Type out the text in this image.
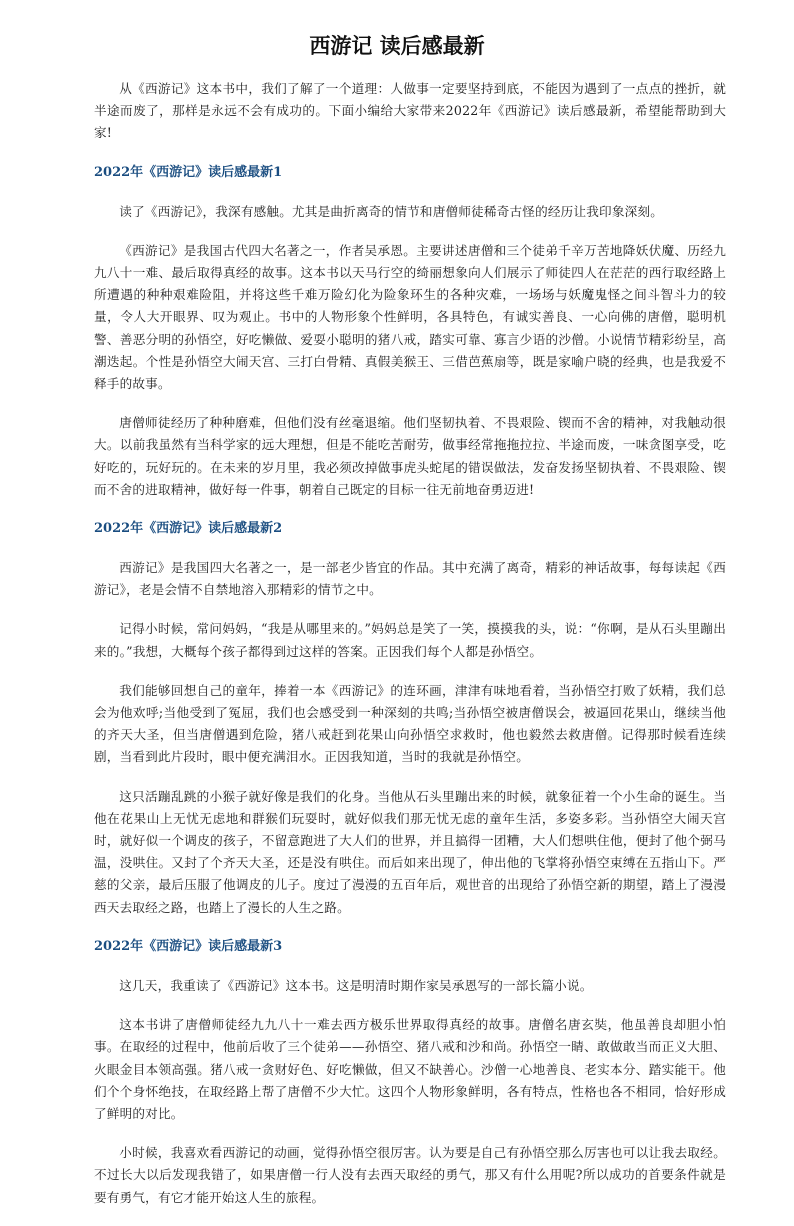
西游记 读后感最新

从《西游记》这本书中，我们了解了一个道理：人做事一定要坚持到底，不能因为遇到了一点点的挫折，就半途而废了，那样是永远不会有成功的。下面小编给大家带来2022年《西游记》读后感最新，希望能帮助到大家!

2022年《西游记》读后感最新1

读了《西游记》，我深有感触。尤其是曲折离奇的情节和唐僧师徒稀奇古怪的经历让我印象深刻。

《西游记》是我国古代四大名著之一，作者吴承恩。主要讲述唐僧和三个徒弟千辛万苦地降妖伏魔、历经九九八十一难、最后取得真经的故事。这本书以天马行空的绮丽想象向人们展示了师徒四人在茫茫的西行取经路上所遭遇的种种艰难险阻，并将这些千难万险幻化为险象环生的各种灾难，一场场与妖魔鬼怪之间斗智斗力的较量，令人大开眼界、叹为观止。书中的人物形象个性鲜明，各具特色，有诚实善良、一心向佛的唐僧，聪明机警、善恶分明的孙悟空，好吃懒做、爱耍小聪明的猪八戒，踏实可靠、寡言少语的沙僧。小说情节精彩纷呈，高潮迭起。个性是孙悟空大闹天宫、三打白骨精、真假美猴王、三借芭蕉扇等，既是家喻户晓的经典，也是我爱不释手的故事。

唐僧师徒经历了种种磨难，但他们没有丝毫退缩。他们坚韧执着、不畏艰险、锲而不舍的精神，对我触动很大。以前我虽然有当科学家的远大理想，但是不能吃苦耐劳，做事经常拖拖拉拉、半途而废，一味贪图享受，吃好吃的，玩好玩的。在未来的岁月里，我必须改掉做事虎头蛇尾的错误做法，发奋发扬坚韧执着、不畏艰险、锲而不舍的进取精神，做好每一件事，朝着自己既定的目标一往无前地奋勇迈进!

2022年《西游记》读后感最新2

西游记》是我国四大名著之一，是一部老少皆宜的作品。其中充满了离奇，精彩的神话故事，每每读起《西游记》，老是会情不自禁地溶入那精彩的情节之中。

记得小时候，常问妈妈，“我是从哪里来的。”妈妈总是笑了一笑，摸摸我的头，说：“你啊，是从石头里蹦出来的。”我想，大概每个孩子都得到过这样的答案。正因我们每个人都是孙悟空。

我们能够回想自己的童年，捧着一本《西游记》的连环画，津津有味地看着，当孙悟空打败了妖精，我们总会为他欢呼;当他受到了冤屈，我们也会感受到一种深刻的共鸣;当孙悟空被唐僧误会，被逼回花果山，继续当他的齐天大圣，但当唐僧遇到危险，猪八戒赶到花果山向孙悟空求救时，他也毅然去救唐僧。记得那时候看连续剧，当看到此片段时，眼中便充满泪水。正因我知道，当时的我就是孙悟空。

这只活蹦乱跳的小猴子就好像是我们的化身。当他从石头里蹦出来的时候，就象征着一个小生命的诞生。当他在花果山上无忧无虑地和群猴们玩耍时，就好似我们那无忧无虑的童年生活，多姿多彩。当孙悟空大闹天宫时，就好似一个调皮的孩子，不留意跑进了大人们的世界，并且搞得一团糟，大人们想哄住他，便封了他个弼马温，没哄住。又封了个齐天大圣，还是没有哄住。而后如来出现了，伸出他的飞掌将孙悟空束缚在五指山下。严慈的父亲，最后压服了他调皮的儿子。度过了漫漫的五百年后，观世音的出现给了孙悟空新的期望，踏上了漫漫西天去取经之路，也踏上了漫长的人生之路。

2022年《西游记》读后感最新3

这几天，我重读了《西游记》这本书。这是明清时期作家吴承恩写的一部长篇小说。

这本书讲了唐僧师徒经九九八十一难去西方极乐世界取得真经的故事。唐僧名唐玄奘，他虽善良却胆小怕事。在取经的过程中，他前后收了三个徒弟——孙悟空、猪八戒和沙和尚。孙悟空一睛、敢做敢当而正义大胆、火眼金目本领高强。猪八戒一贪财好色、好吃懒做，但又不缺善心。沙僧一心地善良、老实本分、踏实能干。他们个个身怀绝技，在取经路上帮了唐僧不少大忙。这四个人物形象鲜明，各有特点，性格也各不相同，恰好形成了鲜明的对比。

小时候，我喜欢看西游记的动画，觉得孙悟空很厉害。认为要是自己有孙悟空那么厉害也可以让我去取经。不过长大以后发现我错了，如果唐僧一行人没有去西天取经的勇气，那又有什么用呢?所以成功的首要条件就是要有勇气，有它才能开始这人生的旅程。
